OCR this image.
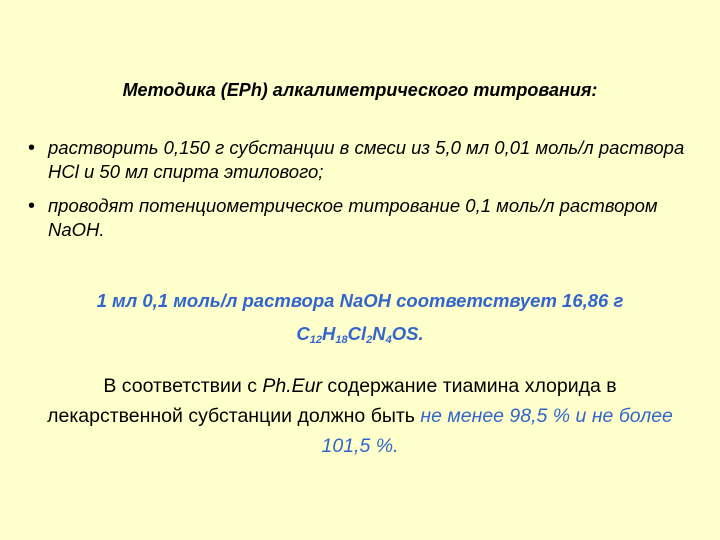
Методика (EPh) алкалиметрического титрования:
• растворить 0,150 г субстанции в смеси из 5,0 мл 0,01 моль/л раствора HCl и 50 мл спирта этилового;
• проводят потенциометрическое титрование 0,1 моль/л раствором NaOH.
1 мл 0,1 моль/л раствора NaOH соответствует 16,86 г
$C_{12}H_{18}Cl_2N_4OS$.
В соответствии с Ph.Eur содержание тиамина хлорида в лекарственной субстанции должно быть не менее 98,5 % и не более 101,5 %.
